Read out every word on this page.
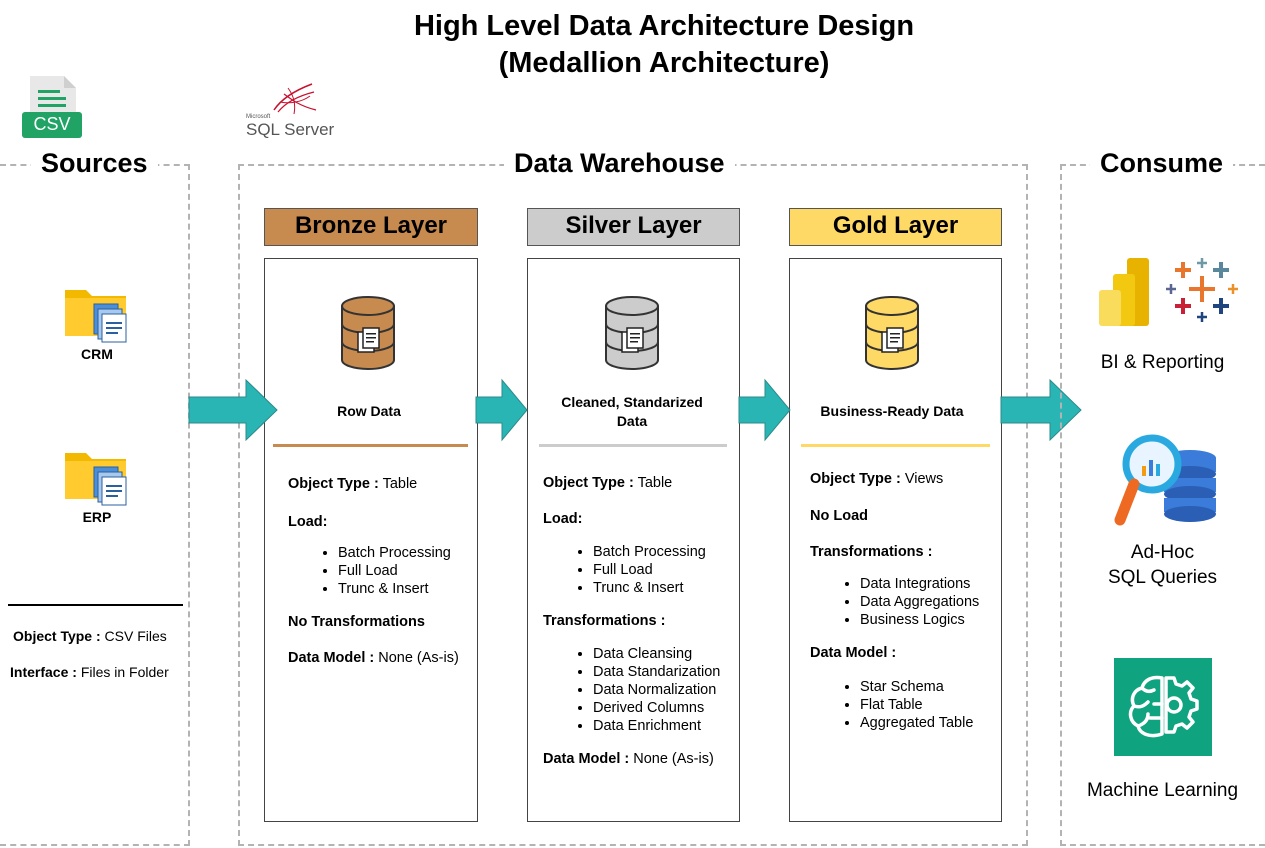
High Level Data Architecture Design
(Medallion Architecture)
CSV	Microsoft
SQL Server
Sources
CRM
ERP
Object Type : CSV Files
Interface : Files in Folder
Data Warehouse
Bronze Layer
Row Data
Object Type : Table
Load:
• Batch Processing
• Full Load
• Trunc & Insert
No Transformations
Data Model : None (As-is)
Silver Layer
Cleaned, Standarized
Data
Object Type : Table
Load:
• Batch Processing
• Full Load
• Trunc & Insert
Transformations :
• Data Cleansing
• Data Standarization
• Data Normalization
• Derived Columns
• Data Enrichment
Data Model : None (As-is)
Gold Layer
Business-Ready Data
Object Type : Views
No Load
Transformations :
• Data Integrations
• Data Aggregations
• Business Logics
Data Model :
• Star Schema
• Flat Table
• Aggregated Table
Consume
BI & Reporting
Ad-Hoc
SQL Queries
Machine Learning
